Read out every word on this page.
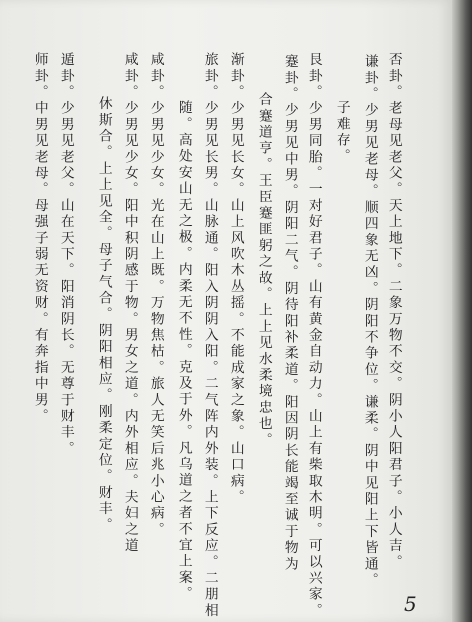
否卦。老母见老父。天上地下。二象万物不交。阴小人阳君子。小人吉。
谦卦。少男见老母。顺四象无凶。阴阳不争位。谦柔。阴中见阳上下皆通。
子难存。
艮卦。少男同胎。一对好君子。山有黄金自动力。山上有柴取木明。可以兴家。
蹇卦。少男见中男。阴阳二气。阴待阳补柔道。阳因阴长能竭至诚于物为
合蹇道亨。王臣蹇匪躬之故。上上见水柔境忠也。
渐卦。少男见长女。山上风吹木丛摇。不能成家之象。山口病。
旅卦。少男见长男。山脉通。阳入阴阴入阳。二气阵内外装。上下反应。二朋相
随。高处安山无之极。内柔无不性。克及于外。凡乌道之者不宜上案。
咸卦。少男见少女。光在山上既。万物焦枯。旅人无笑后兆小心病。
咸卦。少男见少女。阳中积阴感于物。男女之道。内外相应。夫妇之道
休斯合。上上见全。母子气合。阴阳相应。刚柔定位。财丰。
遁卦。少男见老父。山在天下。阳消阴长。无尊于财丰。
师卦。中男见老母。母强子弱无资财。有奔指中男。
5
